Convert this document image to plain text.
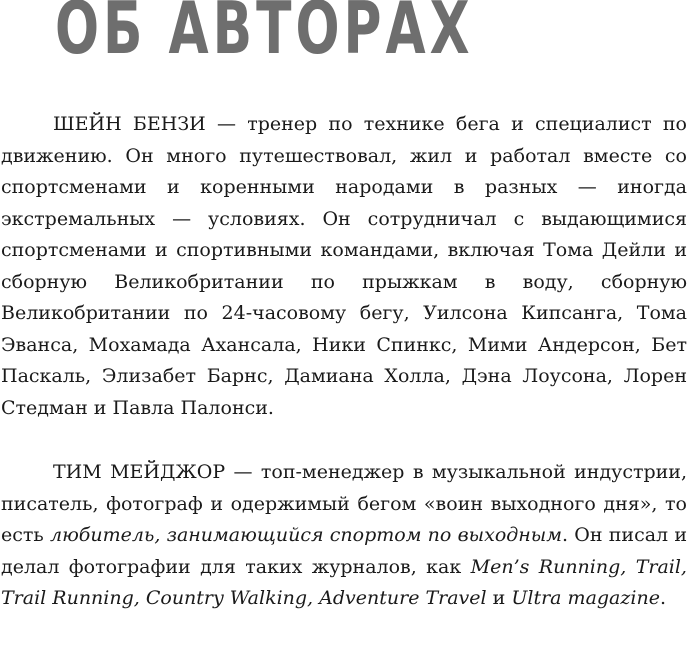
ОБ АВТОРАХ

ШЕЙН БЕНЗИ — тренер по технике бега и специалист по движению. Он много путешествовал, жил и работал вместе со спортсменами и коренными народами в разных — иногда экстремальных — условиях. Он сотрудничал с выдающимися спортсменами и спортивными командами, включая Тома Дейли и сборную Великобритании по прыжкам в воду, сборную Великобритании по 24-часовому бегу, Уилсона Кипсанга, Тома Эванса, Мохамада Ахансала, Ники Спинкс, Мими Андерсон, Бет Паскаль, Элизабет Барнс, Дамиана Холла, Дэна Лоусона, Лорен Стедман и Павла Палонси.

ТИМ МЕЙДЖОР — топ-менеджер в музыкальной индустрии, писатель, фотограф и одержимый бегом «воин выходного дня», то есть любитель, занимающийся спортом по выходным. Он писал и делал фотографии для таких журналов, как Men’s Running, Trail, Trail Running, Country Walking, Adventure Travel и Ultra magazine.
